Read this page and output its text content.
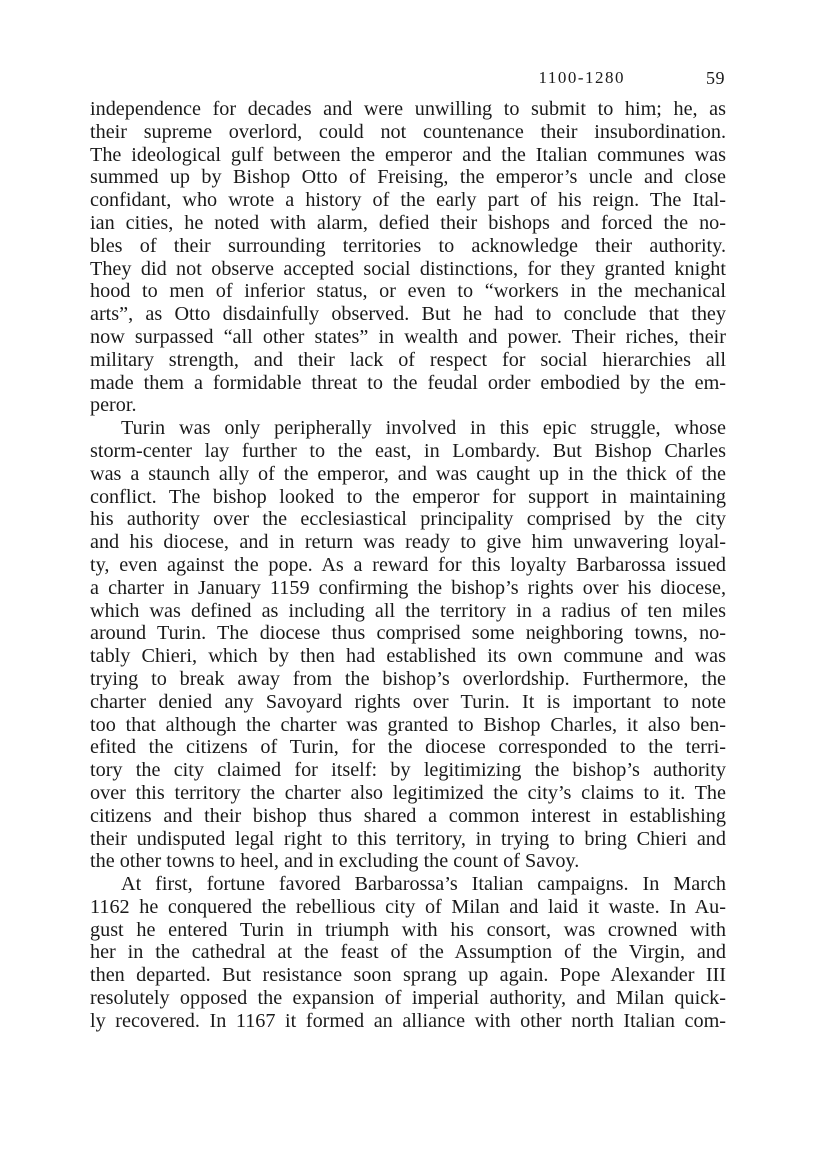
1100-1280	59
independence for decades and were unwilling to submit to him; he, as
their supreme overlord, could not countenance their insubordination.
The ideological gulf between the emperor and the Italian communes was
summed up by Bishop Otto of Freising, the emperor’s uncle and close
confidant, who wrote a history of the early part of his reign. The Ital-
ian cities, he noted with alarm, defied their bishops and forced the no-
bles of their surrounding territories to acknowledge their authority.
They did not observe accepted social distinctions, for they granted knight
hood to men of inferior status, or even to “workers in the mechanical
arts”, as Otto disdainfully observed. But he had to conclude that they
now surpassed “all other states” in wealth and power. Their riches, their
military strength, and their lack of respect for social hierarchies all
made them a formidable threat to the feudal order embodied by the em-
peror.
Turin was only peripherally involved in this epic struggle, whose
storm-center lay further to the east, in Lombardy. But Bishop Charles
was a staunch ally of the emperor, and was caught up in the thick of the
conflict. The bishop looked to the emperor for support in maintaining
his authority over the ecclesiastical principality comprised by the city
and his diocese, and in return was ready to give him unwavering loyal-
ty, even against the pope. As a reward for this loyalty Barbarossa issued
a charter in January 1159 confirming the bishop’s rights over his diocese,
which was defined as including all the territory in a radius of ten miles
around Turin. The diocese thus comprised some neighboring towns, no-
tably Chieri, which by then had established its own commune and was
trying to break away from the bishop’s overlordship. Furthermore, the
charter denied any Savoyard rights over Turin. It is important to note
too that although the charter was granted to Bishop Charles, it also ben-
efited the citizens of Turin, for the diocese corresponded to the terri-
tory the city claimed for itself: by legitimizing the bishop’s authority
over this territory the charter also legitimized the city’s claims to it. The
citizens and their bishop thus shared a common interest in establishing
their undisputed legal right to this territory, in trying to bring Chieri and
the other towns to heel, and in excluding the count of Savoy.
At first, fortune favored Barbarossa’s Italian campaigns. In March
1162 he conquered the rebellious city of Milan and laid it waste. In Au-
gust he entered Turin in triumph with his consort, was crowned with
her in the cathedral at the feast of the Assumption of the Virgin, and
then departed. But resistance soon sprang up again. Pope Alexander III
resolutely opposed the expansion of imperial authority, and Milan quick-
ly recovered. In 1167 it formed an alliance with other north Italian com-
